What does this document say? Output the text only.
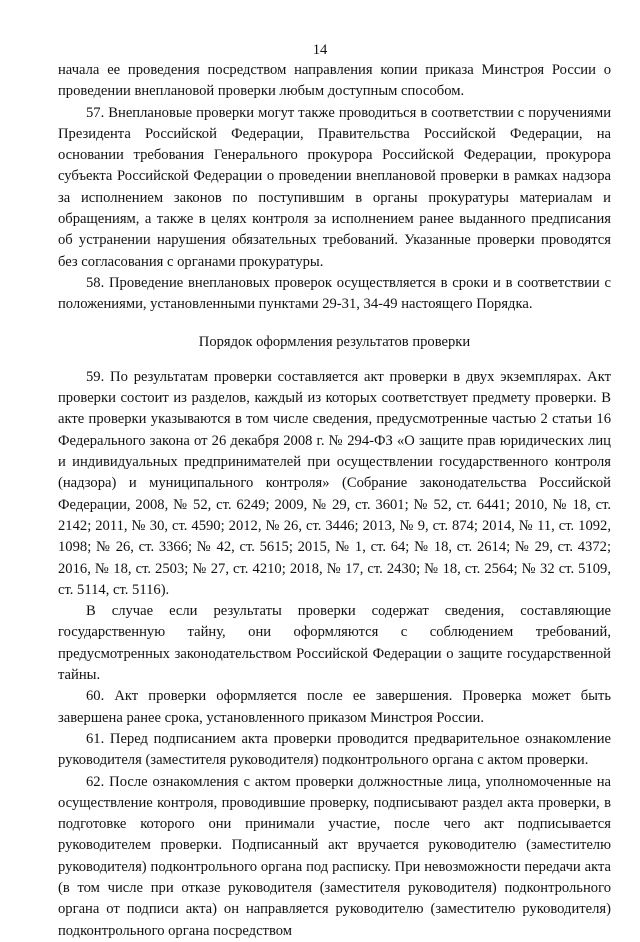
14

начала ее проведения посредством направления копии приказа Минстроя России о проведении внеплановой проверки любым доступным способом.

57. Внеплановые проверки могут также проводиться в соответствии с поручениями Президента Российской Федерации, Правительства Российской Федерации, на основании требования Генерального прокурора Российской Федерации, прокурора субъекта Российской Федерации о проведении внеплановой проверки в рамках надзора за исполнением законов по поступившим в органы прокуратуры материалам и обращениям, а также в целях контроля за исполнением ранее выданного предписания об устранении нарушения обязательных требований. Указанные проверки проводятся без согласования с органами прокуратуры.

58. Проведение внеплановых проверок осуществляется в сроки и в соответствии с положениями, установленными пунктами 29-31, 34-49 настоящего Порядка.

Порядок оформления результатов проверки

59. По результатам проверки составляется акт проверки в двух экземплярах. Акт проверки состоит из разделов, каждый из которых соответствует предмету проверки. В акте проверки указываются в том числе сведения, предусмотренные частью 2 статьи 16 Федерального закона от 26 декабря 2008 г. № 294-ФЗ «О защите прав юридических лиц и индивидуальных предпринимателей при осуществлении государственного контроля (надзора) и муниципального контроля» (Собрание законодательства Российской Федерации, 2008, № 52, ст. 6249; 2009, № 29, ст. 3601; № 52, ст. 6441; 2010, № 18, ст. 2142; 2011, № 30, ст. 4590; 2012, № 26, ст. 3446; 2013, № 9, ст. 874; 2014, № 11, ст. 1092, 1098; № 26, ст. 3366; № 42, ст. 5615; 2015, № 1, ст. 64; № 18, ст. 2614; № 29, ст. 4372; 2016, № 18, ст. 2503; № 27, ст. 4210; 2018, № 17, ст. 2430; № 18, ст. 2564; № 32 ст. 5109, ст. 5114, ст. 5116).

В случае если результаты проверки содержат сведения, составляющие государственную тайну, они оформляются с соблюдением требований, предусмотренных законодательством Российской Федерации о защите государственной тайны.

60. Акт проверки оформляется после ее завершения. Проверка может быть завершена ранее срока, установленного приказом Минстроя России.

61. Перед подписанием акта проверки проводится предварительное ознакомление руководителя (заместителя руководителя) подконтрольного органа с актом проверки.

62. После ознакомления с актом проверки должностные лица, уполномоченные на осуществление контроля, проводившие проверку, подписывают раздел акта проверки, в подготовке которого они принимали участие, после чего акт подписывается руководителем проверки. Подписанный акт вручается руководителю (заместителю руководителя) подконтрольного органа под расписку. При невозможности передачи акта (в том числе при отказе руководителя (заместителя руководителя) подконтрольного органа от подписи акта) он направляется руководителю (заместителю руководителя) подконтрольного органа посредством
